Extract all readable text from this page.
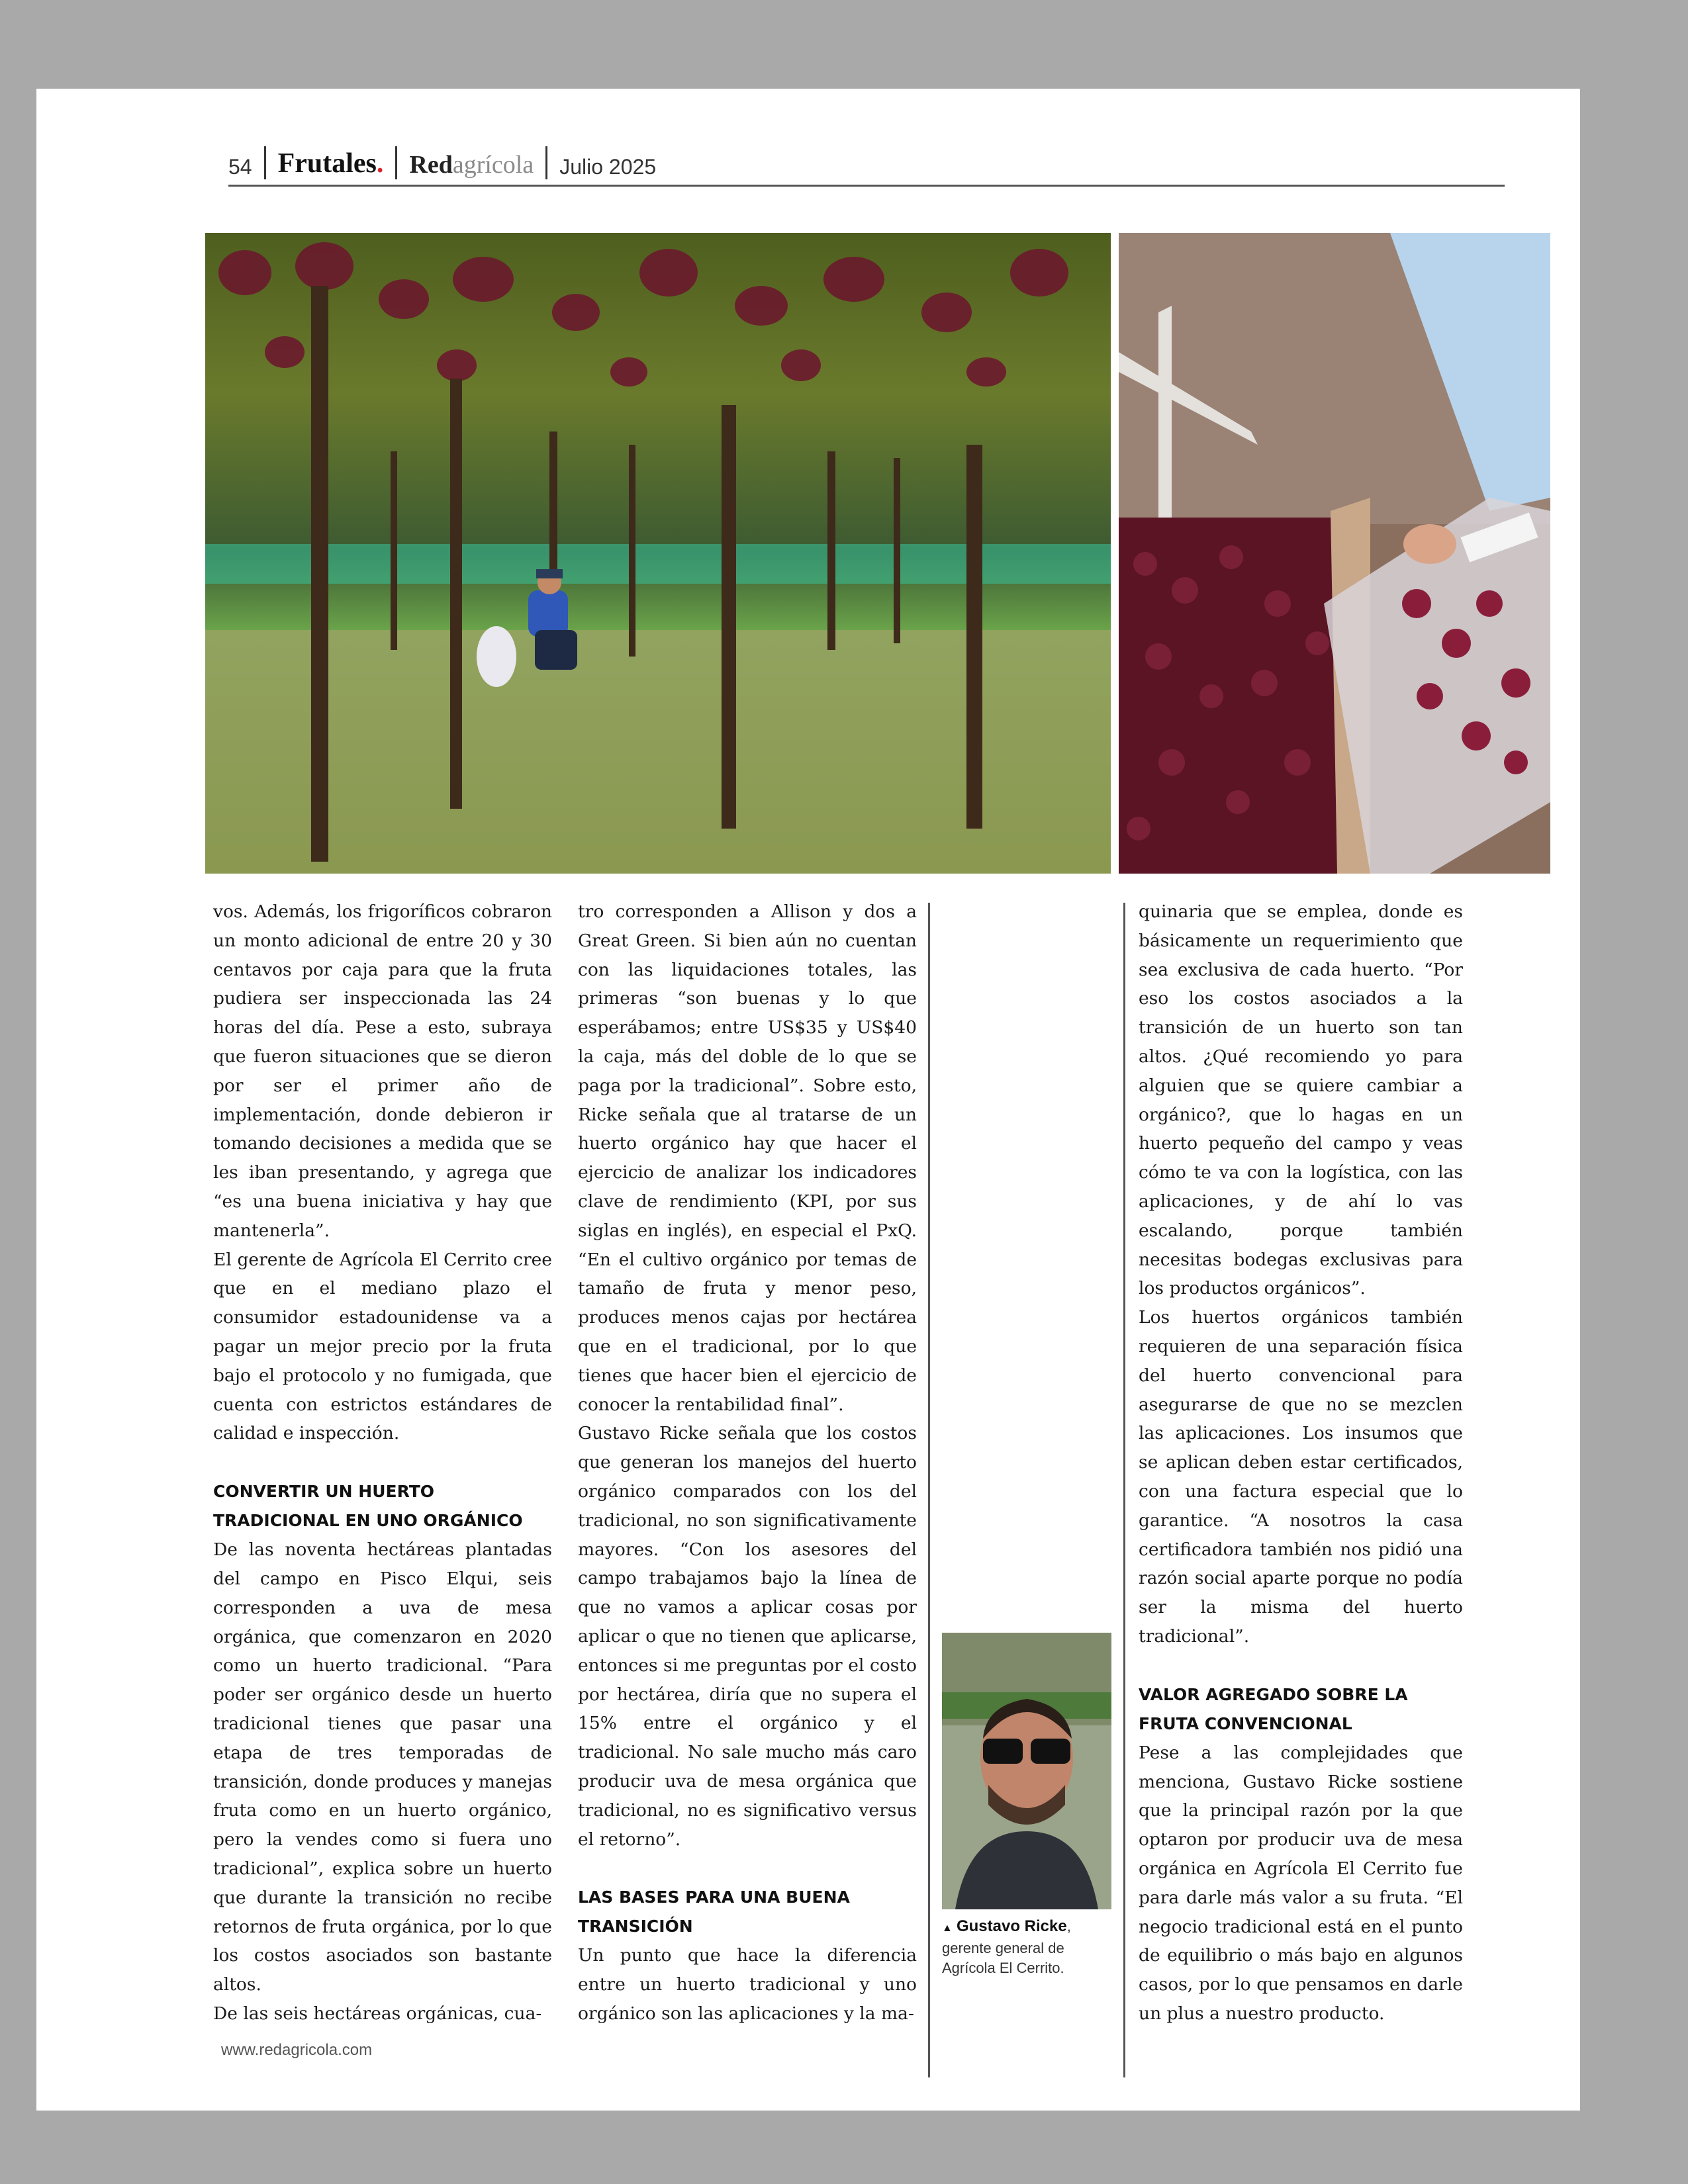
54 Frutales . Red agrícola Julio 2025

vos. Además, los frigoríficos cobraron un monto adicional de entre 20 y 30 centavos por caja para que la fruta pudiera ser inspeccionada las 24 horas del día. Pese a esto, subraya que fueron situaciones que se dieron por ser el primer año de implementación, donde debieron ir tomando decisiones a medida que se les iban presentando, y agrega que “es una buena iniciativa y hay que mantenerla”.

El gerente de Agrícola El Cerrito cree que en el mediano plazo el consumidor estadounidense va a pagar un mejor precio por la fruta bajo el protocolo y no fumigada, que cuenta con estrictos estándares de calidad e inspección.

CONVERTIR UN HUERTO TRADICIONAL EN UNO ORGÁNICO

De las noventa hectáreas plantadas del campo en Pisco Elqui, seis corresponden a uva de mesa orgánica, que comenzaron en 2020 como un huerto tradicional. “Para poder ser orgánico desde un huerto tradicional tienes que pasar una etapa de tres temporadas de transición, donde produces y manejas fruta como en un huerto orgánico, pero la vendes como si fuera uno tradicional”, explica sobre un huerto que durante la transición no recibe retornos de fruta orgánica, por lo que los costos asociados son bastante altos.

De las seis hectáreas orgánicas, cua-

tro corresponden a Allison y dos a Great Green. Si bien aún no cuentan con las liquidaciones totales, las primeras “son buenas y lo que esperábamos; entre US$35 y US$40 la caja, más del doble de lo que se paga por la tradicional”. Sobre esto, Ricke señala que al tratarse de un huerto orgánico hay que hacer el ejercicio de analizar los indicadores clave de rendimiento (KPI, por sus siglas en inglés), en especial el PxQ. “En el cultivo orgánico por temas de tamaño de fruta y menor peso, produces menos cajas por hectárea que en el tradicional, por lo que tienes que hacer bien el ejercicio de conocer la rentabilidad final”.

Gustavo Ricke señala que los costos que generan los manejos del huerto orgánico comparados con los del tradicional, no son significativamente mayores. “Con los asesores del campo trabajamos bajo la línea de que no vamos a aplicar cosas por aplicar o que no tienen que aplicarse, entonces si me preguntas por el costo por hectárea, diría que no supera el 15% entre el orgánico y el tradicional. No sale mucho más caro producir uva de mesa orgánica que tradicional, no es significativo versus el retorno”.

LAS BASES PARA UNA BUENA TRANSICIÓN

Un punto que hace la diferencia entre un huerto tradicional y uno orgánico son las aplicaciones y la ma-

▲ Gustavo Ricke, gerente general de Agrícola El Cerrito.

quinaria que se emplea, donde es básicamente un requerimiento que sea exclusiva de cada huerto. “Por eso los costos asociados a la transición de un huerto son tan altos. ¿Qué recomiendo yo para alguien que se quiere cambiar a orgánico?, que lo hagas en un huerto pequeño del campo y veas cómo te va con la logística, con las aplicaciones, y de ahí lo vas escalando, porque también necesitas bodegas exclusivas para los productos orgánicos”.

Los huertos orgánicos también requieren de una separación física del huerto convencional para asegurarse de que no se mezclen las aplicaciones. Los insumos que se aplican deben estar certificados, con una factura especial que lo garantice. “A nosotros la casa certificadora también nos pidió una razón social aparte porque no podía ser la misma del huerto tradicional”.

VALOR AGREGADO SOBRE LA FRUTA CONVENCIONAL

Pese a las complejidades que menciona, Gustavo Ricke sostiene que la principal razón por la que optaron por producir uva de mesa orgánica en Agrícola El Cerrito fue para darle más valor a su fruta. “El negocio tradicional está en el punto de equilibrio o más bajo en algunos casos, por lo que pensamos en darle un plus a nuestro producto.

www.redagricola.com
